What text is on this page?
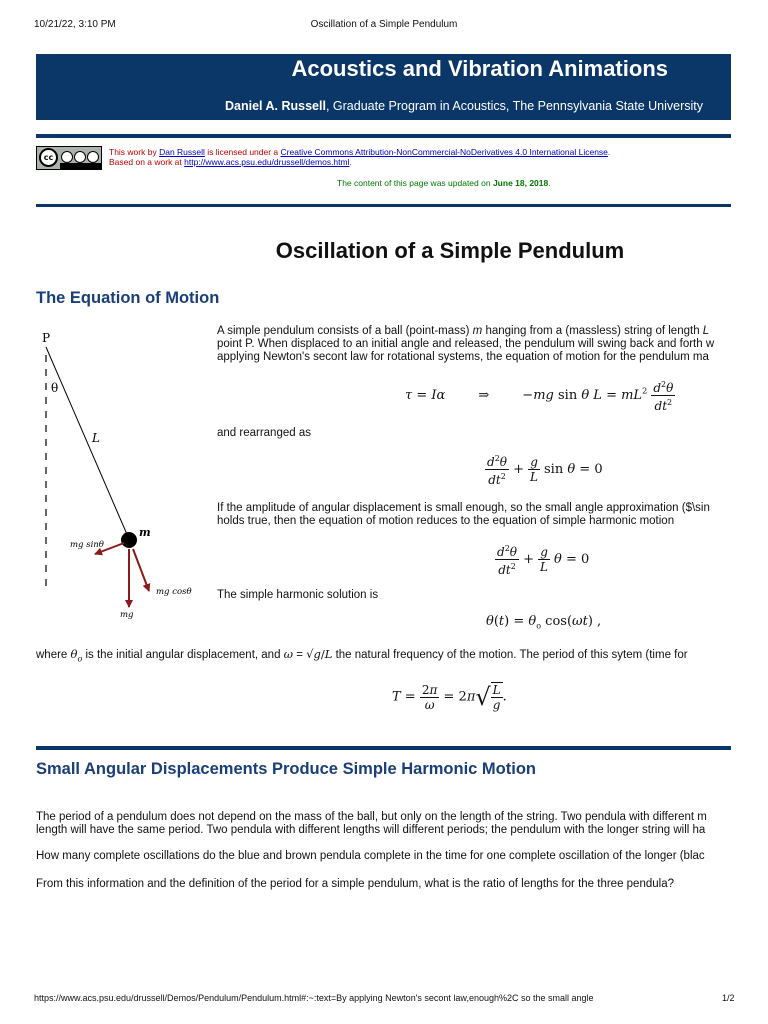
10/21/22, 3:10 PM	Oscillation of a Simple Pendulum
Acoustics and Vibration Animations
Daniel A. Russell, Graduate Program in Acoustics, The Pennsylvania State University
cc
This work by Dan Russell is licensed under a Creative Commons Attribution-NonCommercial-NoDerivatives 4.0 International License.
Based on a work at http://www.acs.psu.edu/drussell/demos.html.
The content of this page was updated on June 18, 2018.
Oscillation of a Simple Pendulum
The Equation of Motion
P
θ
L
m
mg sinθ
mg cosθ
mg
A simple pendulum consists of a ball (point-mass) m hanging from a (massless) string of length L
point P. When displaced to an initial angle and released, the pendulum will swing back and forth w
applying Newton's secont law for rotational systems, the equation of motion for the pendulum ma
τ = Iα        ⇒        −mg sin θ $L = mL^2 \frac{d^2\theta}{dt^2}$
and rearranged as
$\frac{d^2\theta}{dt^2} + \frac{g}{L}$ sin θ = 0
If the amplitude of angular displacement is small enough, so the small angle approximation ($\sin
holds true, then the equation of motion reduces to the equation of simple harmonic motion
$\frac{d^2\theta}{dt^2} + \frac{g}{L}$ θ = 0
The simple harmonic solution is
$\theta(t) = \theta_o$ cos(ωt) ,
where $\theta_o$ is the initial angular displacement, and ω = √g/L the natural frequency of the motion. The period of this sytem (time for
$T = \frac{2\pi}{\omega} = 2\pi√ \frac{L}{g}$ .
Small Angular Displacements Produce Simple Harmonic Motion
The period of a pendulum does not depend on the mass of the ball, but only on the length of the string. Two pendula with different m
length will have the same period. Two pendula with different lengths will different periods; the pendulum with the longer string will ha
How many complete oscillations do the blue and brown pendula complete in the time for one complete oscillation of the longer (blac
From this information and the definition of the period for a simple pendulum, what is the ratio of lengths for the three pendula?
https://www.acs.psu.edu/drussell/Demos/Pendulum/Pendulum.html#:~:text=By applying Newton's secont law,enough%2C so the small angle	1/2
